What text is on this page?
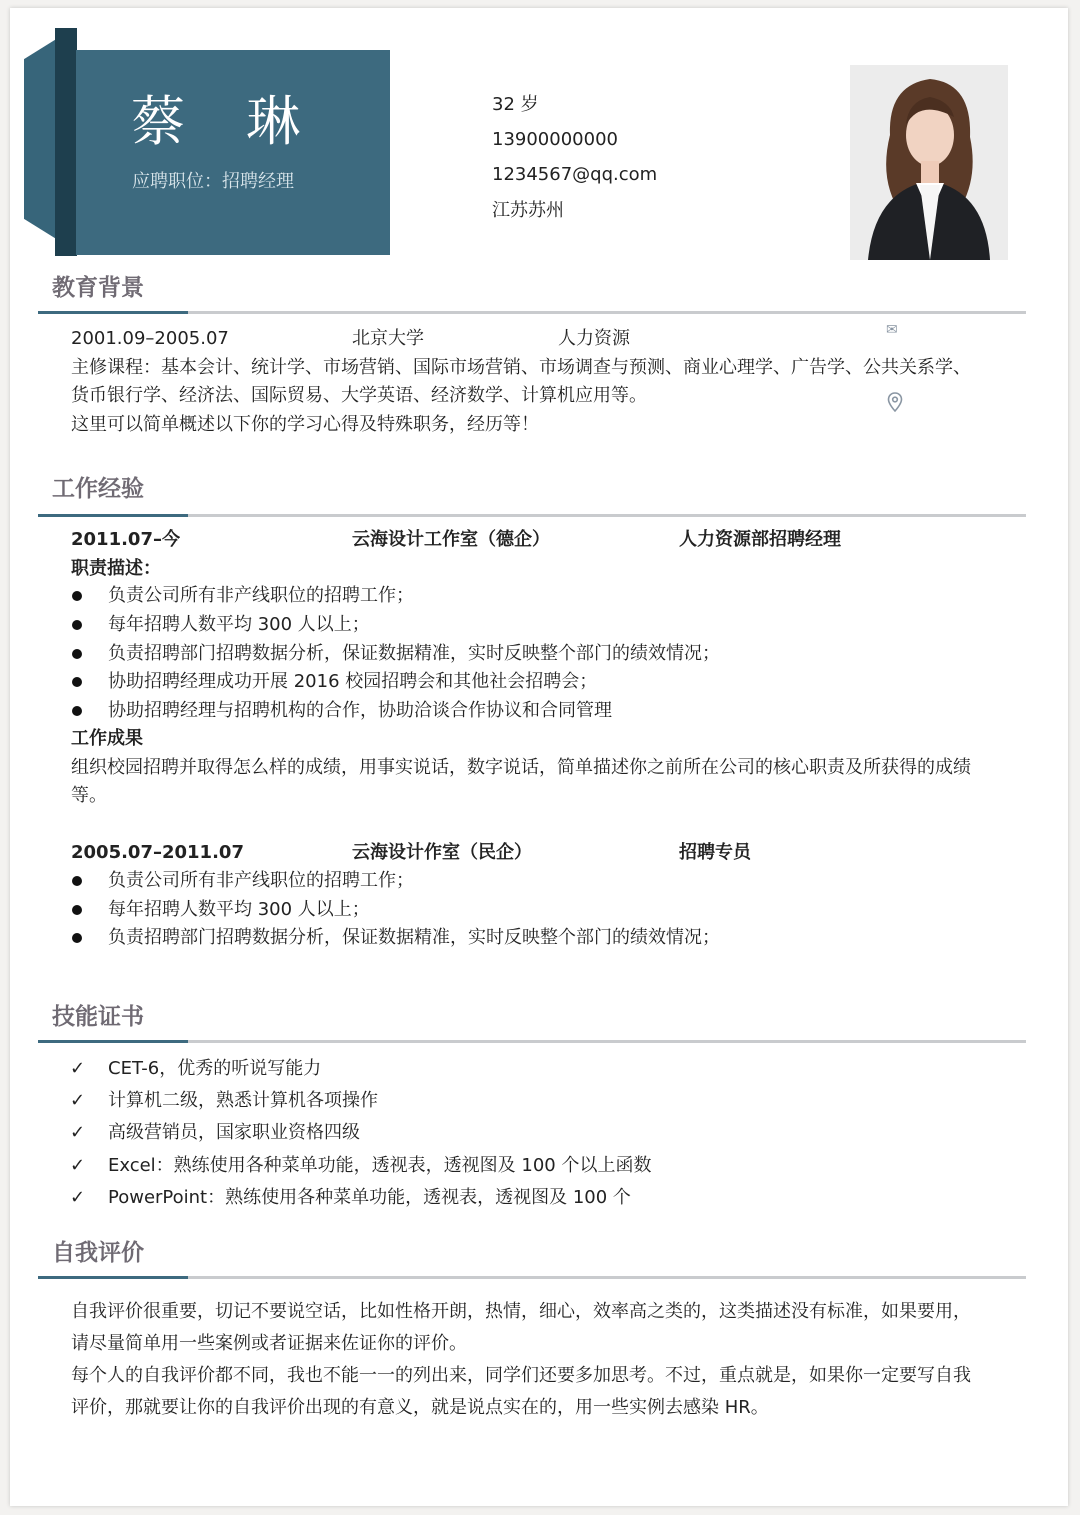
蔡 琳
应聘职位：招聘经理
32 岁
13900000000
1234567@qq.com
江苏苏州
✉
教育背景
2001.09–2005.07	北京大学	人力资源
主修课程：基本会计、统计学、市场营销、国际市场营销、市场调查与预测、商业心理学、广告学、公共关系学、
货币银行学、经济法、国际贸易、大学英语、经济数学、计算机应用等。
这里可以简单概述以下你的学习心得及特殊职务，经历等！
工作经验
2011.07–今	云海设计工作室（德企）	人力资源部招聘经理
职责描述：
负责公司所有非产线职位的招聘工作；
每年招聘人数平均 300 人以上；
负责招聘部门招聘数据分析，保证数据精准，实时反映整个部门的绩效情况；
协助招聘经理成功开展 2016 校园招聘会和其他社会招聘会；
协助招聘经理与招聘机构的合作，协助洽谈合作协议和合同管理
工作成果
组织校园招聘并取得怎么样的成绩，用事实说话，数字说话，简单描述你之前所在公司的核心职责及所获得的成绩
等。
2005.07–2011.07	云海设计作室（民企）	招聘专员
负责公司所有非产线职位的招聘工作；
每年招聘人数平均 300 人以上；
负责招聘部门招聘数据分析，保证数据精准，实时反映整个部门的绩效情况；
技能证书
✓ CET-6，优秀的听说写能力
✓ 计算机二级，熟悉计算机各项操作
✓ 高级营销员，国家职业资格四级
✓ Excel：熟练使用各种菜单功能，透视表，透视图及 100 个以上函数
✓ PowerPoint：熟练使用各种菜单功能，透视表，透视图及 100 个
自我评价
自我评价很重要，切记不要说空话，比如性格开朗，热情，细心，效率高之类的，这类描述没有标准，如果要用，
请尽量简单用一些案例或者证据来佐证你的评价。
每个人的自我评价都不同，我也不能一一的列出来，同学们还要多加思考。不过，重点就是，如果你一定要写自我
评价，那就要让你的自我评价出现的有意义，就是说点实在的，用一些实例去感染 HR。
